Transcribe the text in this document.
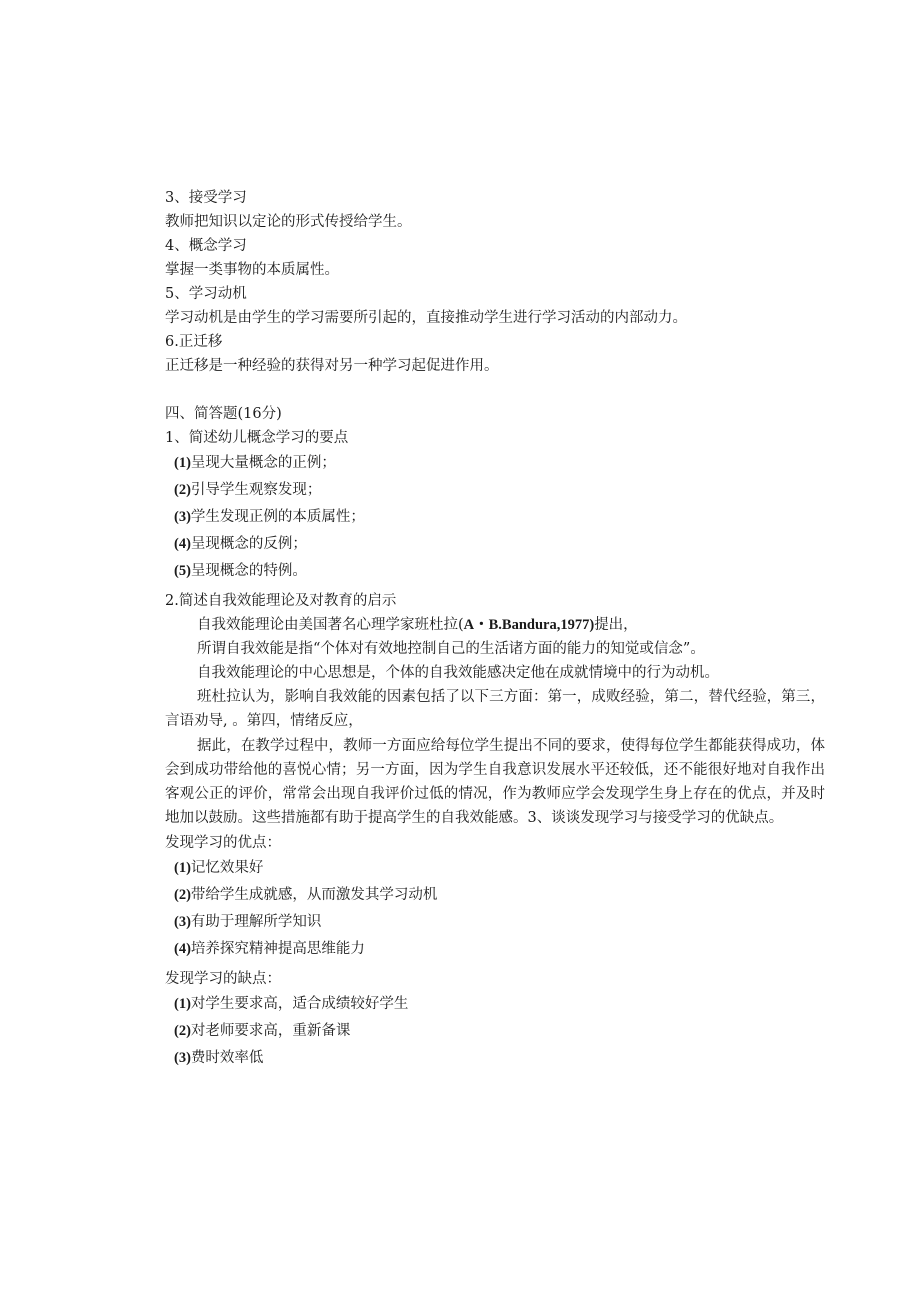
3、接受学习
教师把知识以定论的形式传授给学生。
4、概念学习
掌握一类事物的本质属性。
5、学习动机
学习动机是由学生的学习需要所引起的，直接推动学生进行学习活动的内部动力。
6.正迁移
正迁移是一种经验的获得对另一种学习起促进作用。
四、简答题(16分)
1、简述幼儿概念学习的要点
(1)呈现大量概念的正例；
(2)引导学生观察发现；
(3)学生发现正例的本质属性；
(4)呈现概念的反例；
(5)呈现概念的特例。
2.简述自我效能理论及对教育的启示
自我效能理论由美国著名心理学家班杜拉(A・B.Bandura,1977)提出，
所谓自我效能是指“个体对有效地控制自己的生活诸方面的能力的知觉或信念”。
自我效能理论的中心思想是，个体的自我效能感决定他在成就情境中的行为动机。

班杜拉认为，影响自我效能的因素包括了以下三方面：第一，成败经验，第二，替代经验，第三，言语劝导, 。第四，情绪反应，

据此，在教学过程中，教师一方面应给每位学生提出不同的要求，使得每位学生都能获得成功，体会到成功带给他的喜悦心情；另一方面，因为学生自我意识发展水平还较低，还不能很好地对自我作出客观公正的评价，常常会出现自我评价过低的情况，作为教师应学会发现学生身上存在的优点，并及时地加以鼓励。这些措施都有助于提高学生的自我效能感。3、谈谈发现学习与接受学习的优缺点。

发现学习的优点：
(1)记忆效果好
(2)带给学生成就感，从而激发其学习动机
(3)有助于理解所学知识
(4)培养探究精神提高思维能力
发现学习的缺点：
(1)对学生要求高，适合成绩较好学生
(2)对老师要求高，重新备课
(3)费时效率低
